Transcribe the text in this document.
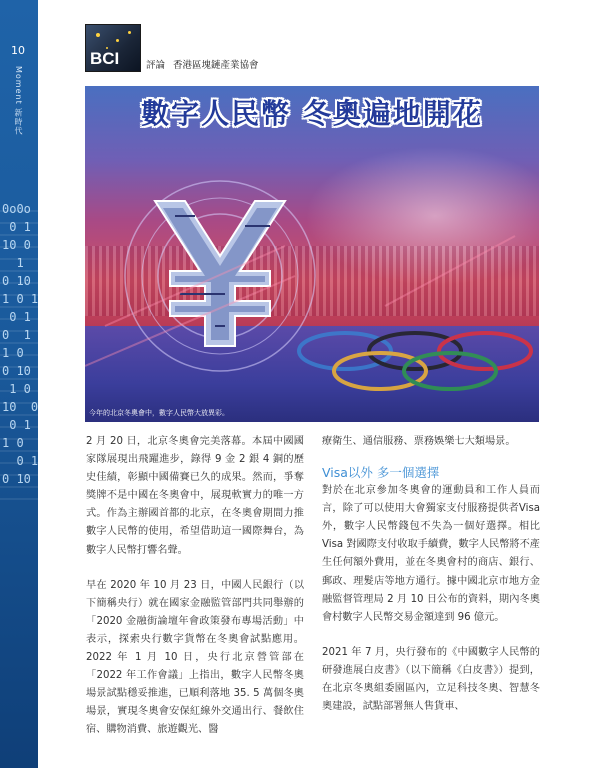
0o0o
0 1
10 0
1
0 10
1 0 1
0 1
0  1
1 0
0 10
1 0
10  0
0 1
1 0
0 1
0 10
10
Moment 新時代
BCI	評論 香港區塊鏈產業協會
數字人民幣 冬奧遍地開花
今年的北京冬奧會中，數字人民幣大放異彩。

2 月 20 日，北京冬奧會完美落幕。本屆中國國家隊展現出飛躍進步，錄得 9 金 2 銀 4 銅的歷史佳績，彰顯中國備賽已久的成果。然而，爭奪獎牌不是中國在冬奧會中，展現軟實力的唯一方式。作為主辦國首都的北京，在冬奧會期間力推數字人民幣的使用，希望借助這一國際舞台，為數字人民幣打響名聲。

早在 2020 年 10 月 23 日，中國人民銀行（以下簡稱央行）就在國家金融監管部門共同舉辦的「2020 金融街論壇年會政策發布專場活動」中表示，探索央行數字貨幣在冬奧會試點應用。2022 年 1 月 10 日，央行北京營管部在「2022 年工作會議」上指出，數字人民幣冬奧場景試點穩妥推進，已順利落地 35. 5 萬個冬奧場景，實現冬奧會安保紅線外交通出行、餐飲住宿、購物消費、旅遊觀光、醫

療衛生、通信服務、票務娛樂七大類場景。

Visa以外 多一個選擇

對於在北京參加冬奧會的運動員和工作人員而言，除了可以使用大會獨家支付服務提供者Visa 外，數字人民幣錢包不失為一個好選擇。相比 Visa 對國際支付收取手續費，數字人民幣將不產生任何額外費用，並在冬奧會村的商店、銀行、郵政、理髮店等地方通行。據中國北京市地方金融監督管理局 2 月 10 日公布的資料，期內冬奧會村數字人民幣交易金額達到 96 億元。

2021 年 7 月，央行發布的《中國數字人民幣的研發進展白皮書》（以下簡稱《白皮書》）提到，在北京冬奧組委園區內，立足科技冬奧、智慧冬奧建設，試點部署無人售貨車、
